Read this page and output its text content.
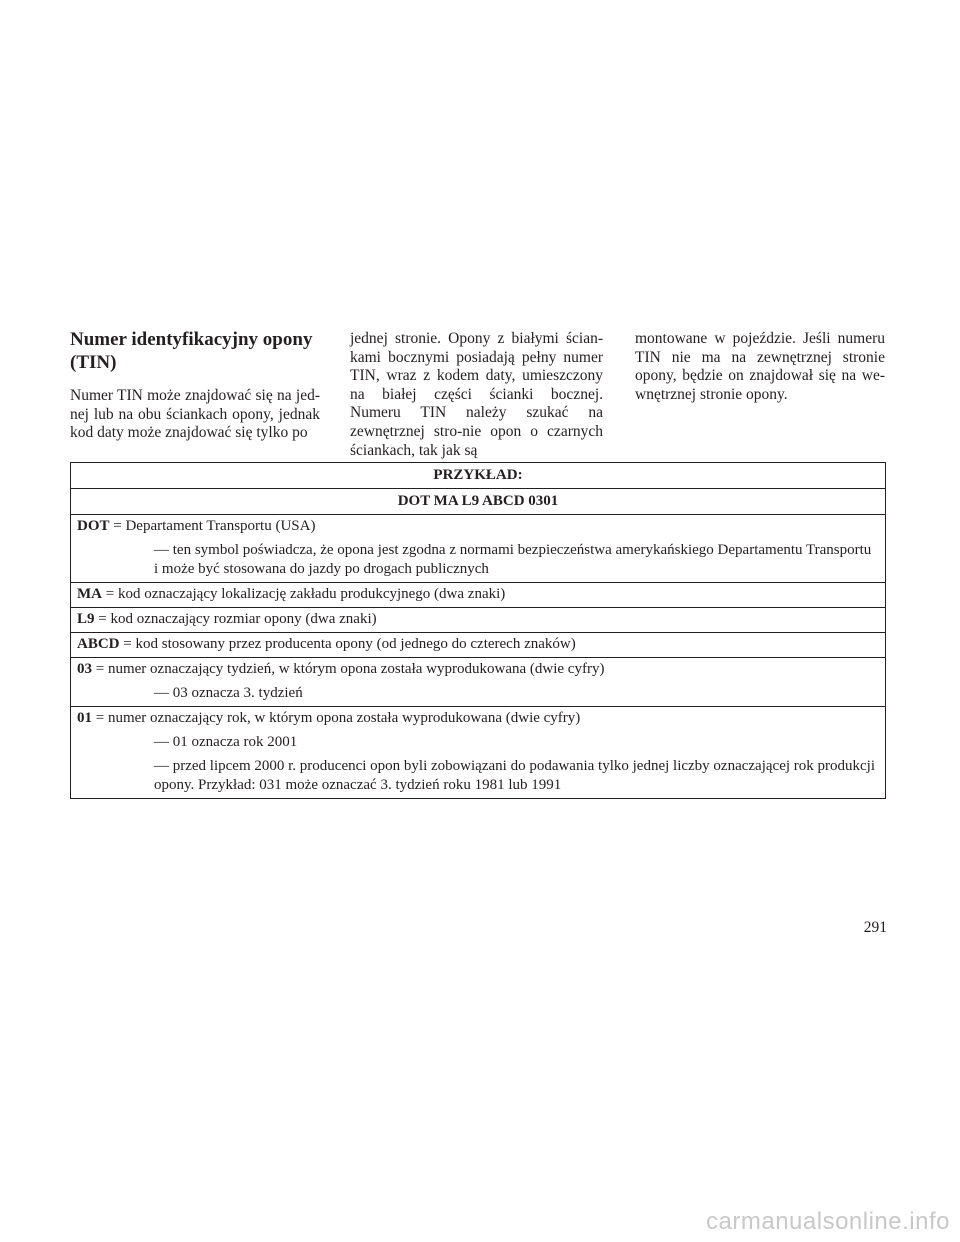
Numer identyfikacyjny opony (TIN)

Numer TIN może znajdować się na jed-nej lub na obu ściankach opony, jednak kod daty może znajdować się tylko po

jednej stronie. Opony z białymi ścian-kami bocznymi posiadają pełny numer TIN, wraz z kodem daty, umieszczony na białej części ścianki bocznej. Numeru TIN należy szukać na zewnętrznej stro-nie opon o czarnych ściankach, tak jak są

montowane w pojeździe. Jeśli numeru TIN nie ma na zewnętrznej stronie opony, będzie on znajdował się na we-wnętrznej stronie opony.

PRZYKŁAD:
DOT MA L9 ABCD 0301
DOT = Departament Transportu (USA)
— ten symbol poświadcza, że opona jest zgodna z normami bezpieczeństwa amerykańskiego Departamentu Transportu i może być stosowana do jazdy po drogach publicznych
MA = kod oznaczający lokalizację zakładu produkcyjnego (dwa znaki)
L9 = kod oznaczający rozmiar opony (dwa znaki)
ABCD = kod stosowany przez producenta opony (od jednego do czterech znaków)
03 = numer oznaczający tydzień, w którym opona została wyprodukowana (dwie cyfry)
— 03 oznacza 3. tydzień
01 = numer oznaczający rok, w którym opona została wyprodukowana (dwie cyfry)
— 01 oznacza rok 2001
— przed lipcem 2000 r. producenci opon byli zobowiązani do podawania tylko jednej liczby oznaczającej rok produkcji opony. Przykład: 031 może oznaczać 3. tydzień roku 1981 lub 1991
291
carmanualsonline.info
